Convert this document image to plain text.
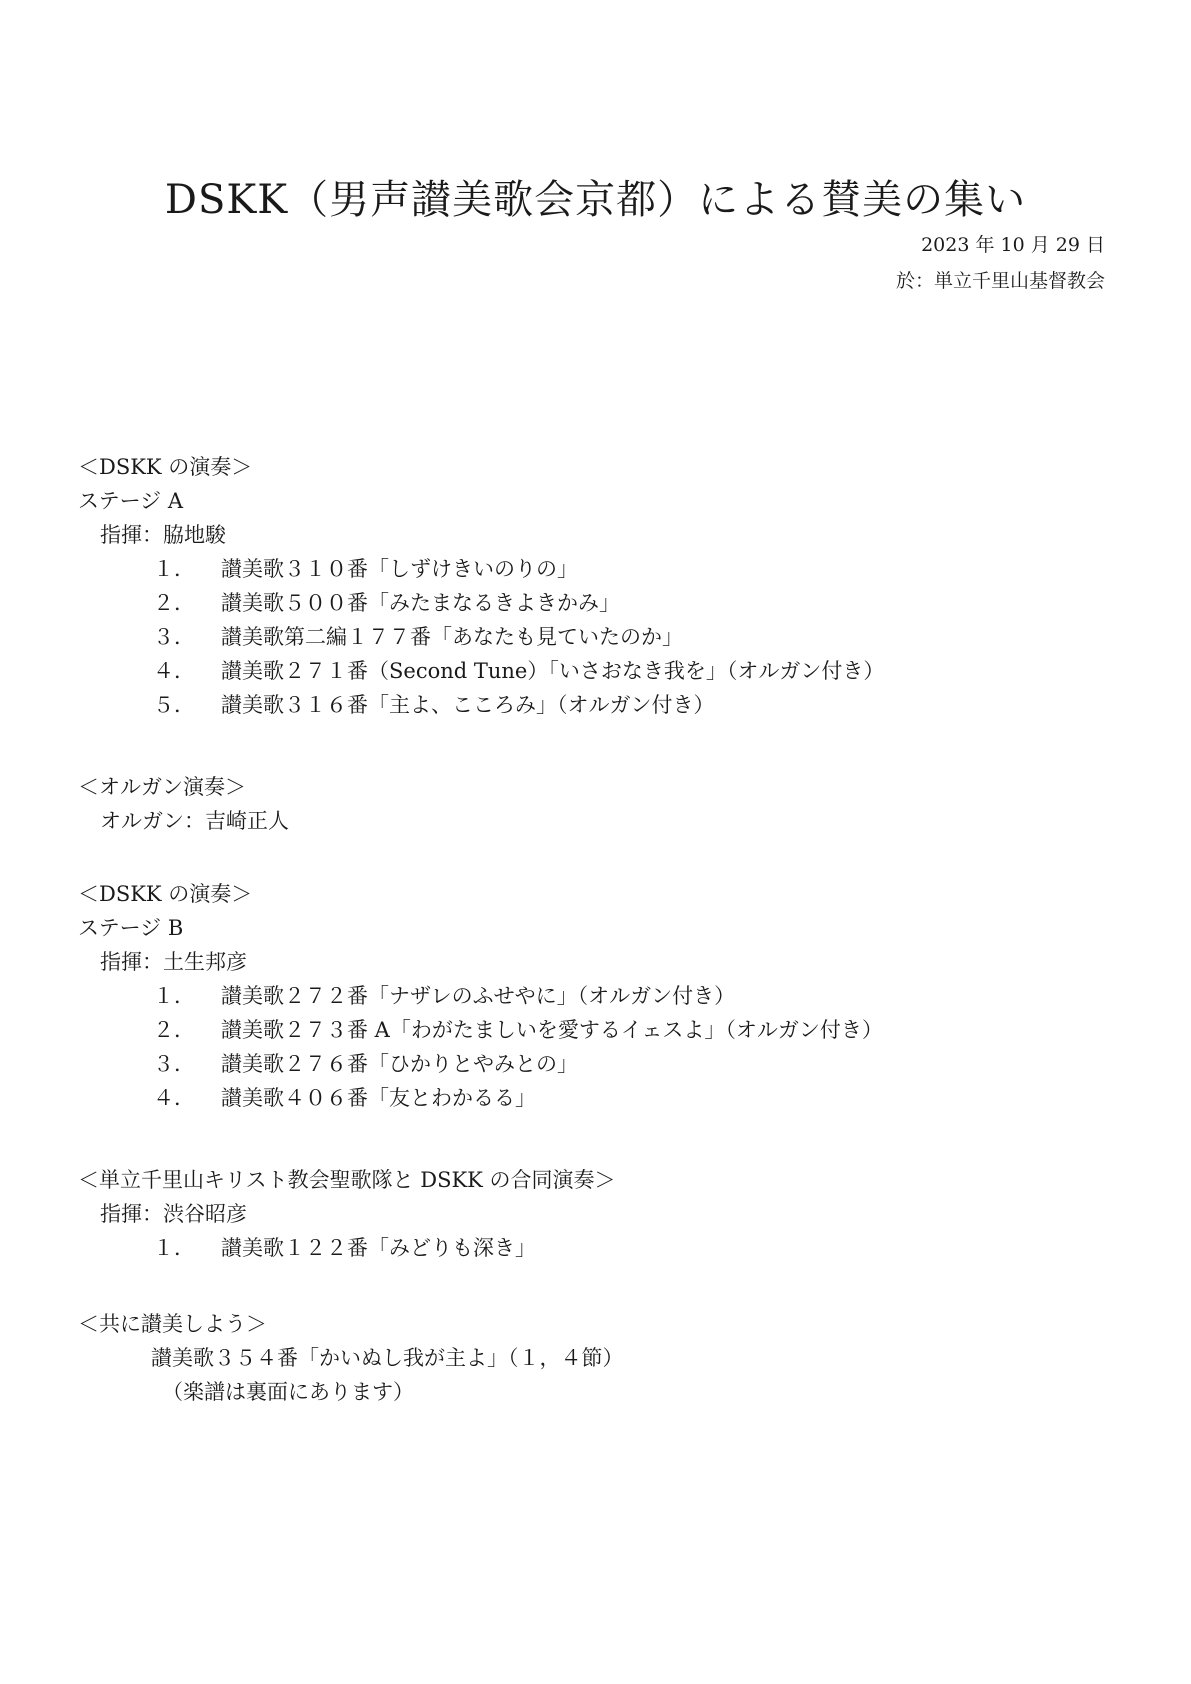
DSKK（男声讃美歌会京都）による賛美の集い
2023 年 10 月 29 日
於：単立千里山基督教会
＜DSKK の演奏＞
ステージ A
指揮：脇地駿
１．	讃美歌３１０番「しずけきいのりの」
２．	讃美歌５００番「みたまなるきよきかみ」
３．	讃美歌第二編１７７番「あなたも見ていたのか」
４．	讃美歌２７１番（Second Tune）「いさおなき我を」（オルガン付き）
５．	讃美歌３１６番「主よ、こころみ」（オルガン付き）
＜オルガン演奏＞
オルガン：吉崎正人
＜DSKK の演奏＞
ステージ B
指揮：土生邦彦
１．	讃美歌２７２番「ナザレのふせやに」（オルガン付き）
２．	讃美歌２７３番 A「わがたましいを愛するイェスよ」（オルガン付き）
３．	讃美歌２７６番「ひかりとやみとの」
４．	讃美歌４０６番「友とわかるる」
＜単立千里山キリスト教会聖歌隊と DSKK の合同演奏＞
指揮：渋谷昭彦
１．	讃美歌１２２番「みどりも深き」
＜共に讃美しよう＞
讃美歌３５４番「かいぬし我が主よ」（１，４節）
（楽譜は裏面にあります）
